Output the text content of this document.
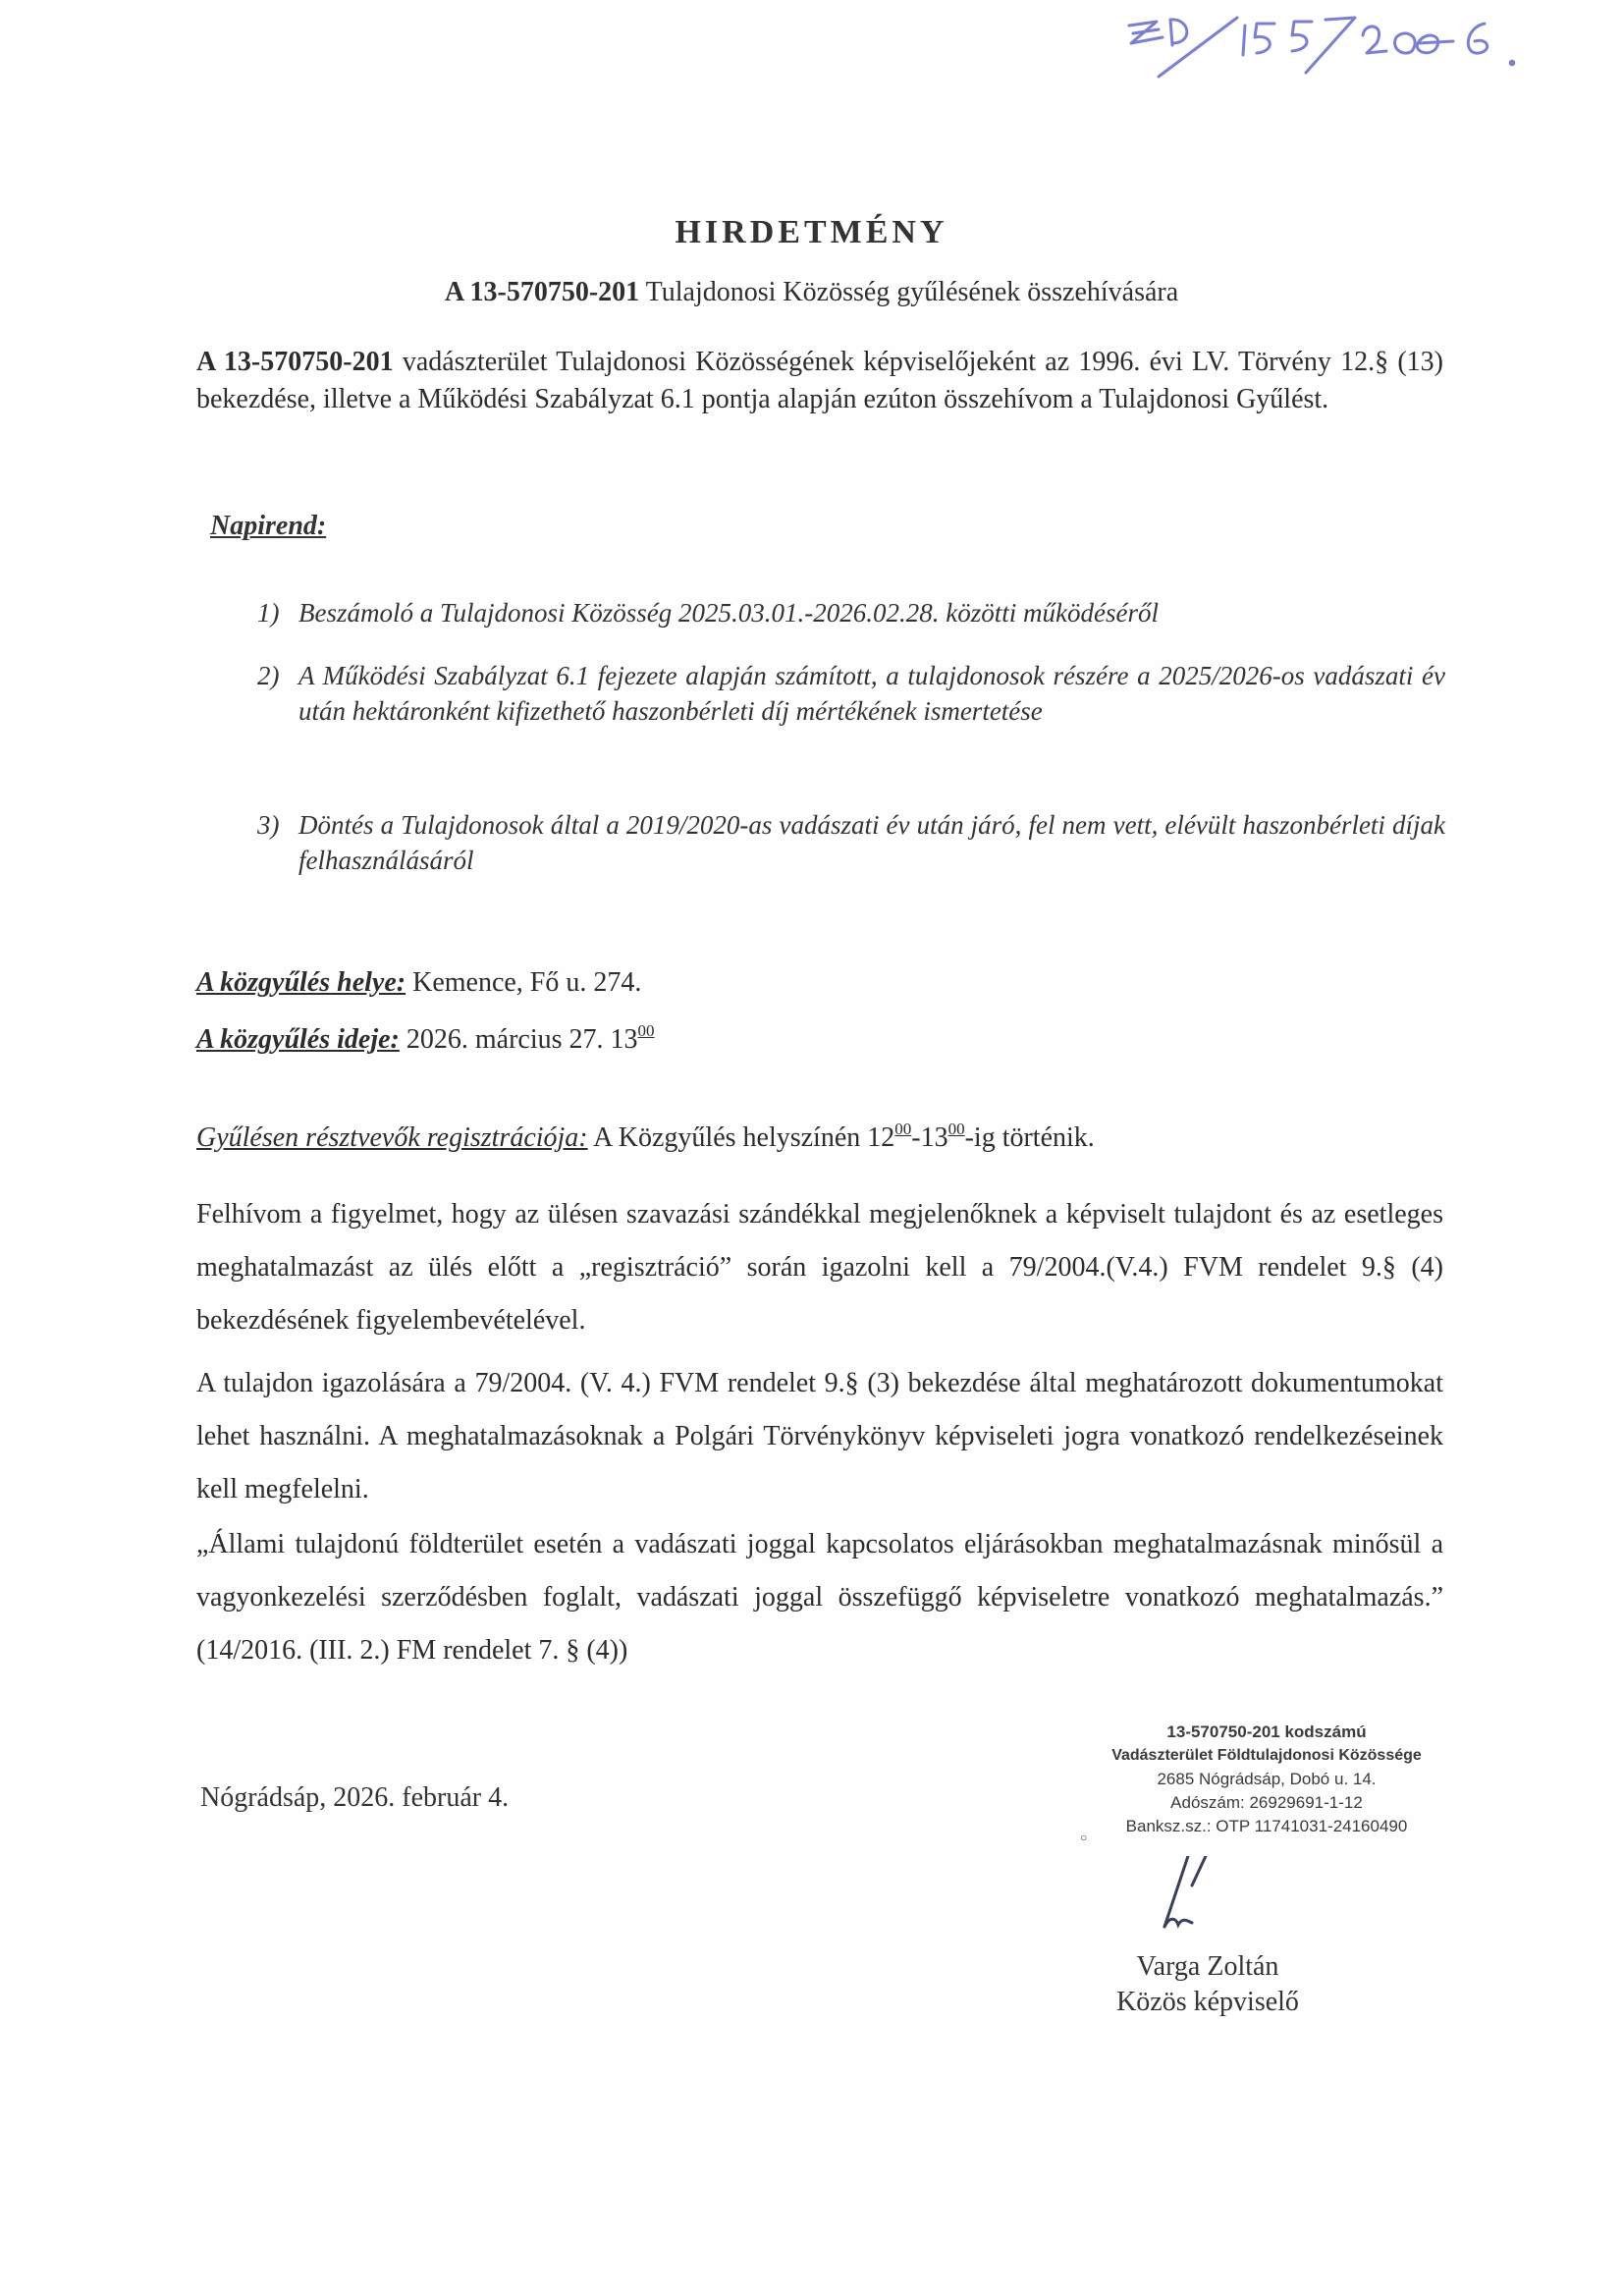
HIRDETMÉNY
A 13-570750-201 Tulajdonosi Közösség gyűlésének összehívására
A 13-570750-201 vadászterület Tulajdonosi Közösségének képviselőjeként az 1996. évi LV. Törvény 12.§ (13) bekezdése, illetve a Működési Szabályzat 6.1 pontja alapján ezúton összehívom a Tulajdonosi Gyűlést.
Napirend:
1) Beszámoló a Tulajdonosi Közösség 2025.03.01.-2026.02.28. közötti működéséről
2) A Működési Szabályzat 6.1 fejezete alapján számított, a tulajdonosok részére a 2025/2026-os vadászati év után hektáronként kifizethető haszonbérleti díj mértékének ismertetése
3) Döntés a Tulajdonosok által a 2019/2020-as vadászati év után járó, fel nem vett, elévült haszonbérleti díjak felhasználásáról
A közgyűlés helye: Kemence, Fő u. 274.
A közgyűlés ideje: 2026. március 27. $13^{00}$
Gyűlésen résztvevők regisztrációja: A Közgyűlés helyszínén $12^{00}-13^{00}-ig$ történik.
Felhívom a figyelmet, hogy az ülésen szavazási szándékkal megjelenőknek a képviselt tulajdont és az esetleges meghatalmazást az ülés előtt a „regisztráció” során igazolni kell a 79/2004.(V.4.) FVM rendelet 9.§ (4) bekezdésének figyelembevételével.
A tulajdon igazolására a 79/2004. (V. 4.) FVM rendelet 9.§ (3) bekezdése által meghatározott dokumentumokat lehet használni. A meghatalmazásoknak a Polgári Törvénykönyv képviseleti jogra vonatkozó rendelkezéseinek kell megfelelni.
„Állami tulajdonú földterület esetén a vadászati joggal kapcsolatos eljárásokban meghatalmazásnak minősül a vagyonkezelési szerződésben foglalt, vadászati joggal összefüggő képviseletre vonatkozó meghatalmazás.” (14/2016. (III. 2.) FM rendelet 7. § (4))
Nógrádsáp, 2026. február 4.
○
13-570750-201 kodszámú
Vadászterület Földtulajdonosi Közössége
2685 Nógrádsáp, Dobó u. 14.
Adószám: 26929691-1-12
Banksz.sz.: OTP 11741031-24160490
Varga Zoltán
Közös képviselő
